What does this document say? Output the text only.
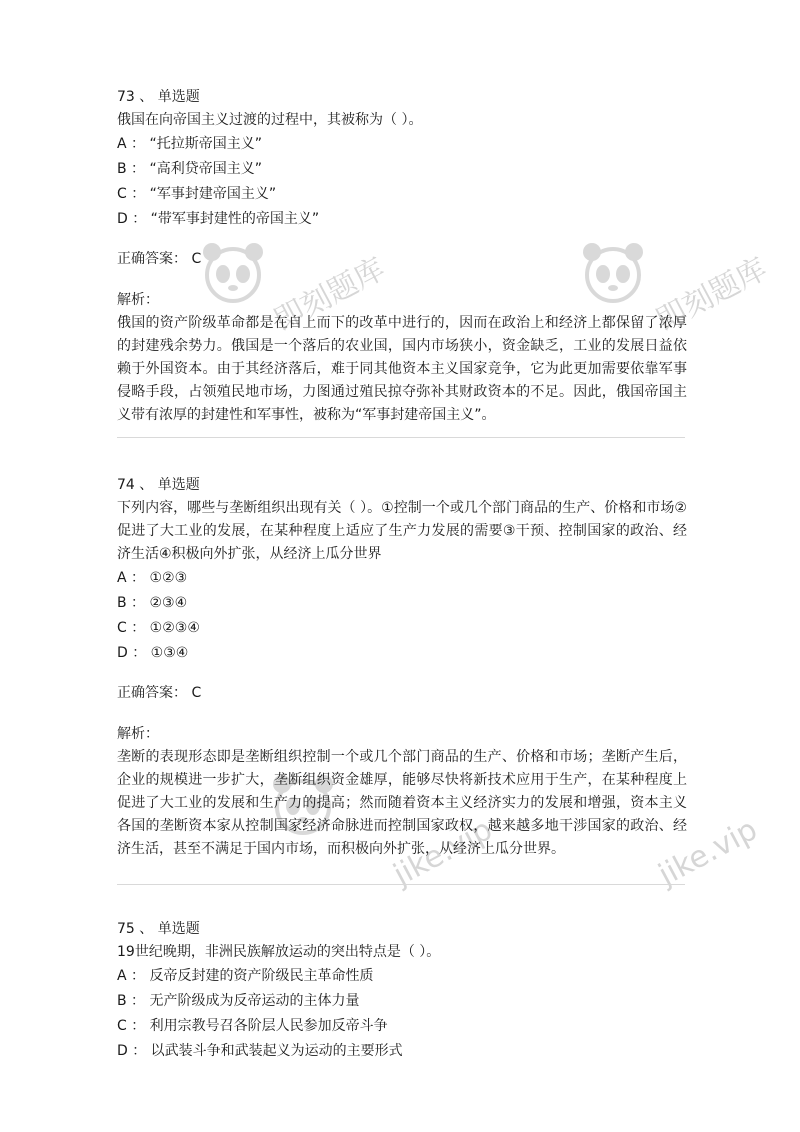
即刻题库	即刻题库
jike.vip	jike.vip
73 、 单选题
俄国在向帝国主义过渡的过程中，其被称为（ ）。
A ： “托拉斯帝国主义”
B ： “高利贷帝国主义”
C ： “军事封建帝国主义”
D ： “带军事封建性的帝国主义”
正确答案： C
解析：
俄国的资产阶级革命都是在自上而下的改革中进行的，因而在政治上和经济上都保留了浓厚的封建残余势力。俄国是一个落后的农业国，国内市场狭小，资金缺乏，工业的发展日益依赖于外国资本。由于其经济落后，难于同其他资本主义国家竞争，它为此更加需要依靠军事侵略手段，占领殖民地市场，力图通过殖民掠夺弥补其财政资本的不足。因此，俄国帝国主义带有浓厚的封建性和军事性，被称为“军事封建帝国主义”。
74 、 单选题
下列内容，哪些与垄断组织出现有关（ ）。①控制一个或几个部门商品的生产、价格和市场②促进了大工业的发展，在某种程度上适应了生产力发展的需要③干预、控制国家的政治、经济生活④积极向外扩张，从经济上瓜分世界
A ： ①②③
B ： ②③④
C ： ①②③④
D ： ①③④
正确答案： C
解析：
垄断的表现形态即是垄断组织控制一个或几个部门商品的生产、价格和市场；垄断产生后，企业的规模进一步扩大，垄断组织资金雄厚，能够尽快将新技术应用于生产，在某种程度上促进了大工业的发展和生产力的提高；然而随着资本主义经济实力的发展和增强，资本主义各国的垄断资本家从控制国家经济命脉进而控制国家政权，越来越多地干涉国家的政治、经济生活，甚至不满足于国内市场，而积极向外扩张，从经济上瓜分世界。
75 、 单选题
19世纪晚期，非洲民族解放运动的突出特点是（ ）。
A ： 反帝反封建的资产阶级民主革命性质
B ： 无产阶级成为反帝运动的主体力量
C ： 利用宗教号召各阶层人民参加反帝斗争
D ： 以武装斗争和武装起义为运动的主要形式
